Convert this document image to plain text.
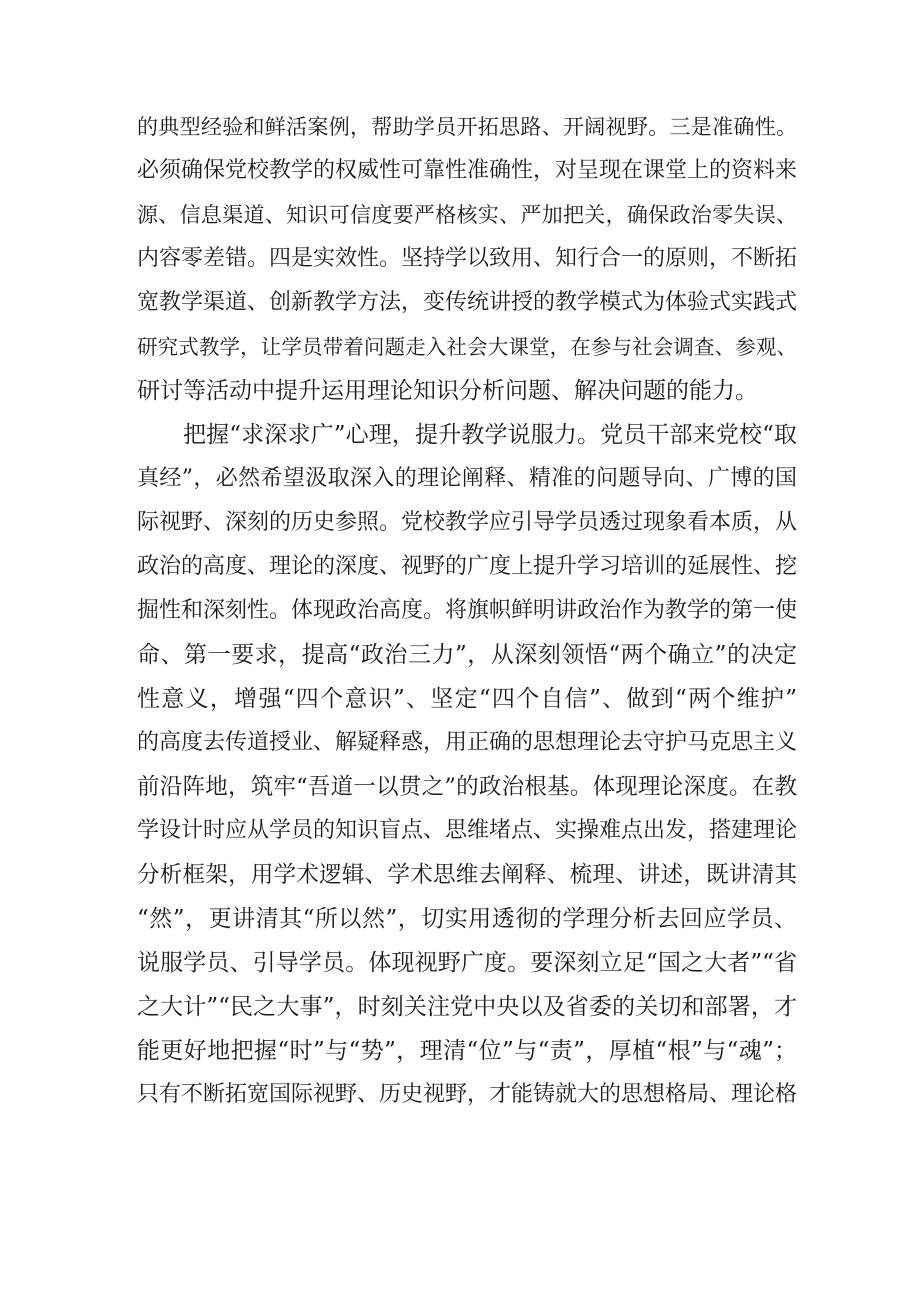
的典型经验和鲜活案例，帮助学员开拓思路、开阔视野。三是准确性。
必须确保党校教学的权威性可靠性准确性，对呈现在课堂上的资料来
源、信息渠道、知识可信度要严格核实、严加把关，确保政治零失误、
内容零差错。四是实效性。坚持学以致用、知行合一的原则，不断拓
宽教学渠道、创新教学方法，变传统讲授的教学模式为体验式实践式
研究式教学，让学员带着问题走入社会大课堂，在参与社会调查、参观、
研讨等活动中提升运用理论知识分析问题、解决问题的能力。
把握“求深求广”心理，提升教学说服力。党员干部来党校“取
真经”，必然希望汲取深入的理论阐释、精准的问题导向、广博的国
际视野、深刻的历史参照。党校教学应引导学员透过现象看本质，从
政治的高度、理论的深度、视野的广度上提升学习培训的延展性、挖
掘性和深刻性。体现政治高度。将旗帜鲜明讲政治作为教学的第一使
命、第一要求，提高“政治三力”，从深刻领悟“两个确立”的决定
性意义，增强“四个意识”、坚定“四个自信”、做到“两个维护”
的高度去传道授业、解疑释惑，用正确的思想理论去守护马克思主义
前沿阵地，筑牢“吾道一以贯之”的政治根基。体现理论深度。在教
学设计时应从学员的知识盲点、思维堵点、实操难点出发，搭建理论
分析框架，用学术逻辑、学术思维去阐释、梳理、讲述，既讲清其
“然”，更讲清其“所以然”，切实用透彻的学理分析去回应学员、
说服学员、引导学员。体现视野广度。要深刻立足“国之大者”“省
之大计”“民之大事”，时刻关注党中央以及省委的关切和部署，才
能更好地把握“时”与“势”，理清“位”与“责”，厚植“根”与“魂”；
只有不断拓宽国际视野、历史视野，才能铸就大的思想格局、理论格
